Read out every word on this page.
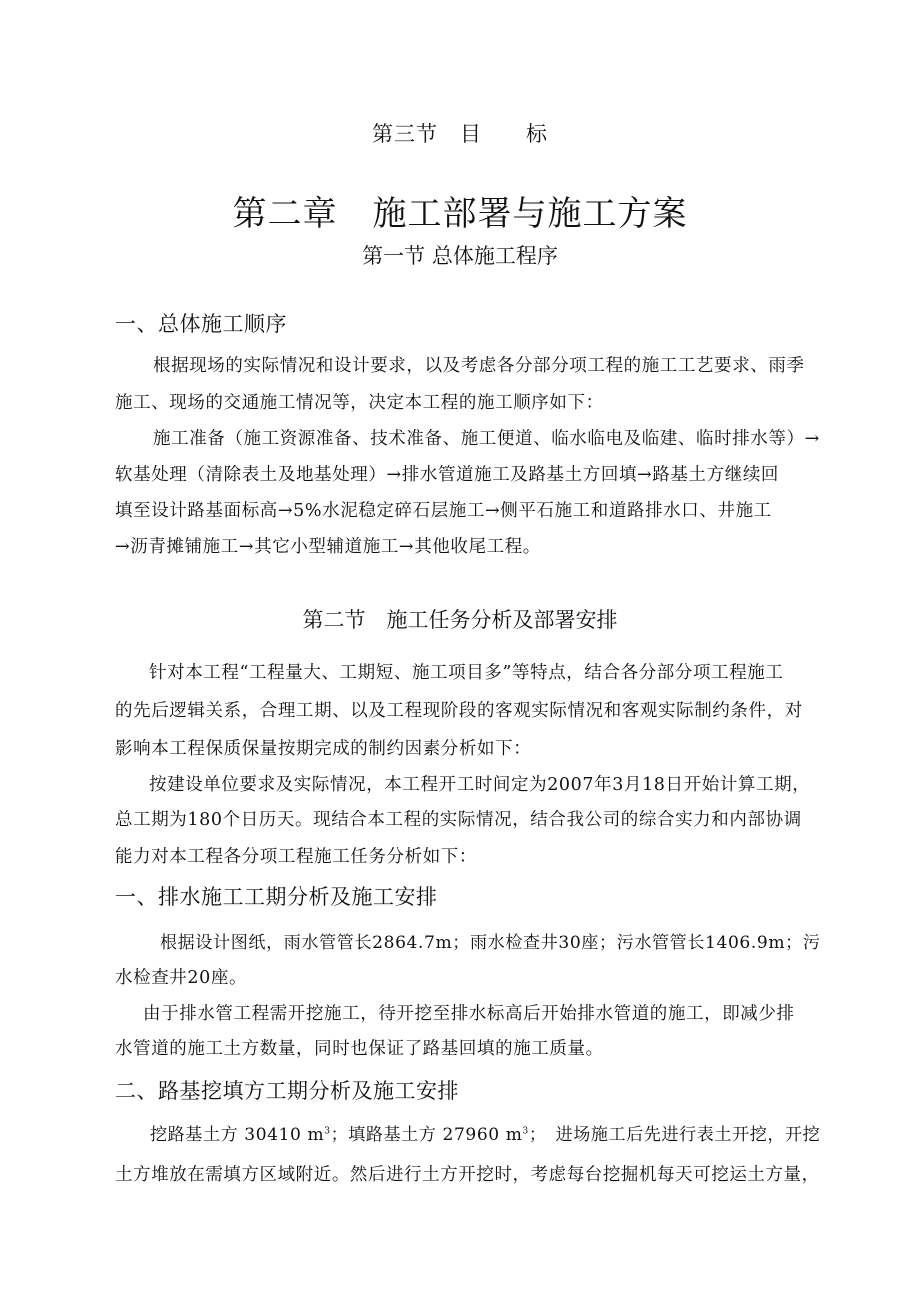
第三节　目　　标
第二章　施工部署与施工方案
第一节 总体施工程序
一、总体施工顺序
根据现场的实际情况和设计要求，以及考虑各分部分项工程的施工工艺要求、雨季
施工、现场的交通施工情况等，决定本工程的施工顺序如下：
施工准备（施工资源准备、技术准备、施工便道、临水临电及临建、临时排水等）→
软基处理（清除表土及地基处理）→排水管道施工及路基土方回填→路基土方继续回
填至设计路基面标高→5%水泥稳定碎石层施工→侧平石施工和道路排水口、井施工
→沥青摊铺施工→其它小型辅道施工→其他收尾工程。
第二节　施工任务分析及部署安排
针对本工程“工程量大、工期短、施工项目多”等特点，结合各分部分项工程施工
的先后逻辑关系，合理工期、以及工程现阶段的客观实际情况和客观实际制约条件，对
影响本工程保质保量按期完成的制约因素分析如下：
按建设单位要求及实际情况，本工程开工时间定为2007年3月18日开始计算工期，
总工期为180个日历天。现结合本工程的实际情况，结合我公司的综合实力和内部协调
能力对本工程各分项工程施工任务分析如下：
一、排水施工工期分析及施工安排
根据设计图纸，雨水管管长2864.7m；雨水检查井30座；污水管管长1406.9m；污
水检查井20座。
由于排水管工程需开挖施工，待开挖至排水标高后开始排水管道的施工，即减少排
水管道的施工土方数量，同时也保证了路基回填的施工质量。
二、路基挖填方工期分析及施工安排
挖路基土方 30410 $m^3$；填路基土方 27960 $m^3$；　进场施工后先进行表土开挖，开挖
土方堆放在需填方区域附近。然后进行土方开挖时，考虑每台挖掘机每天可挖运土方量，
